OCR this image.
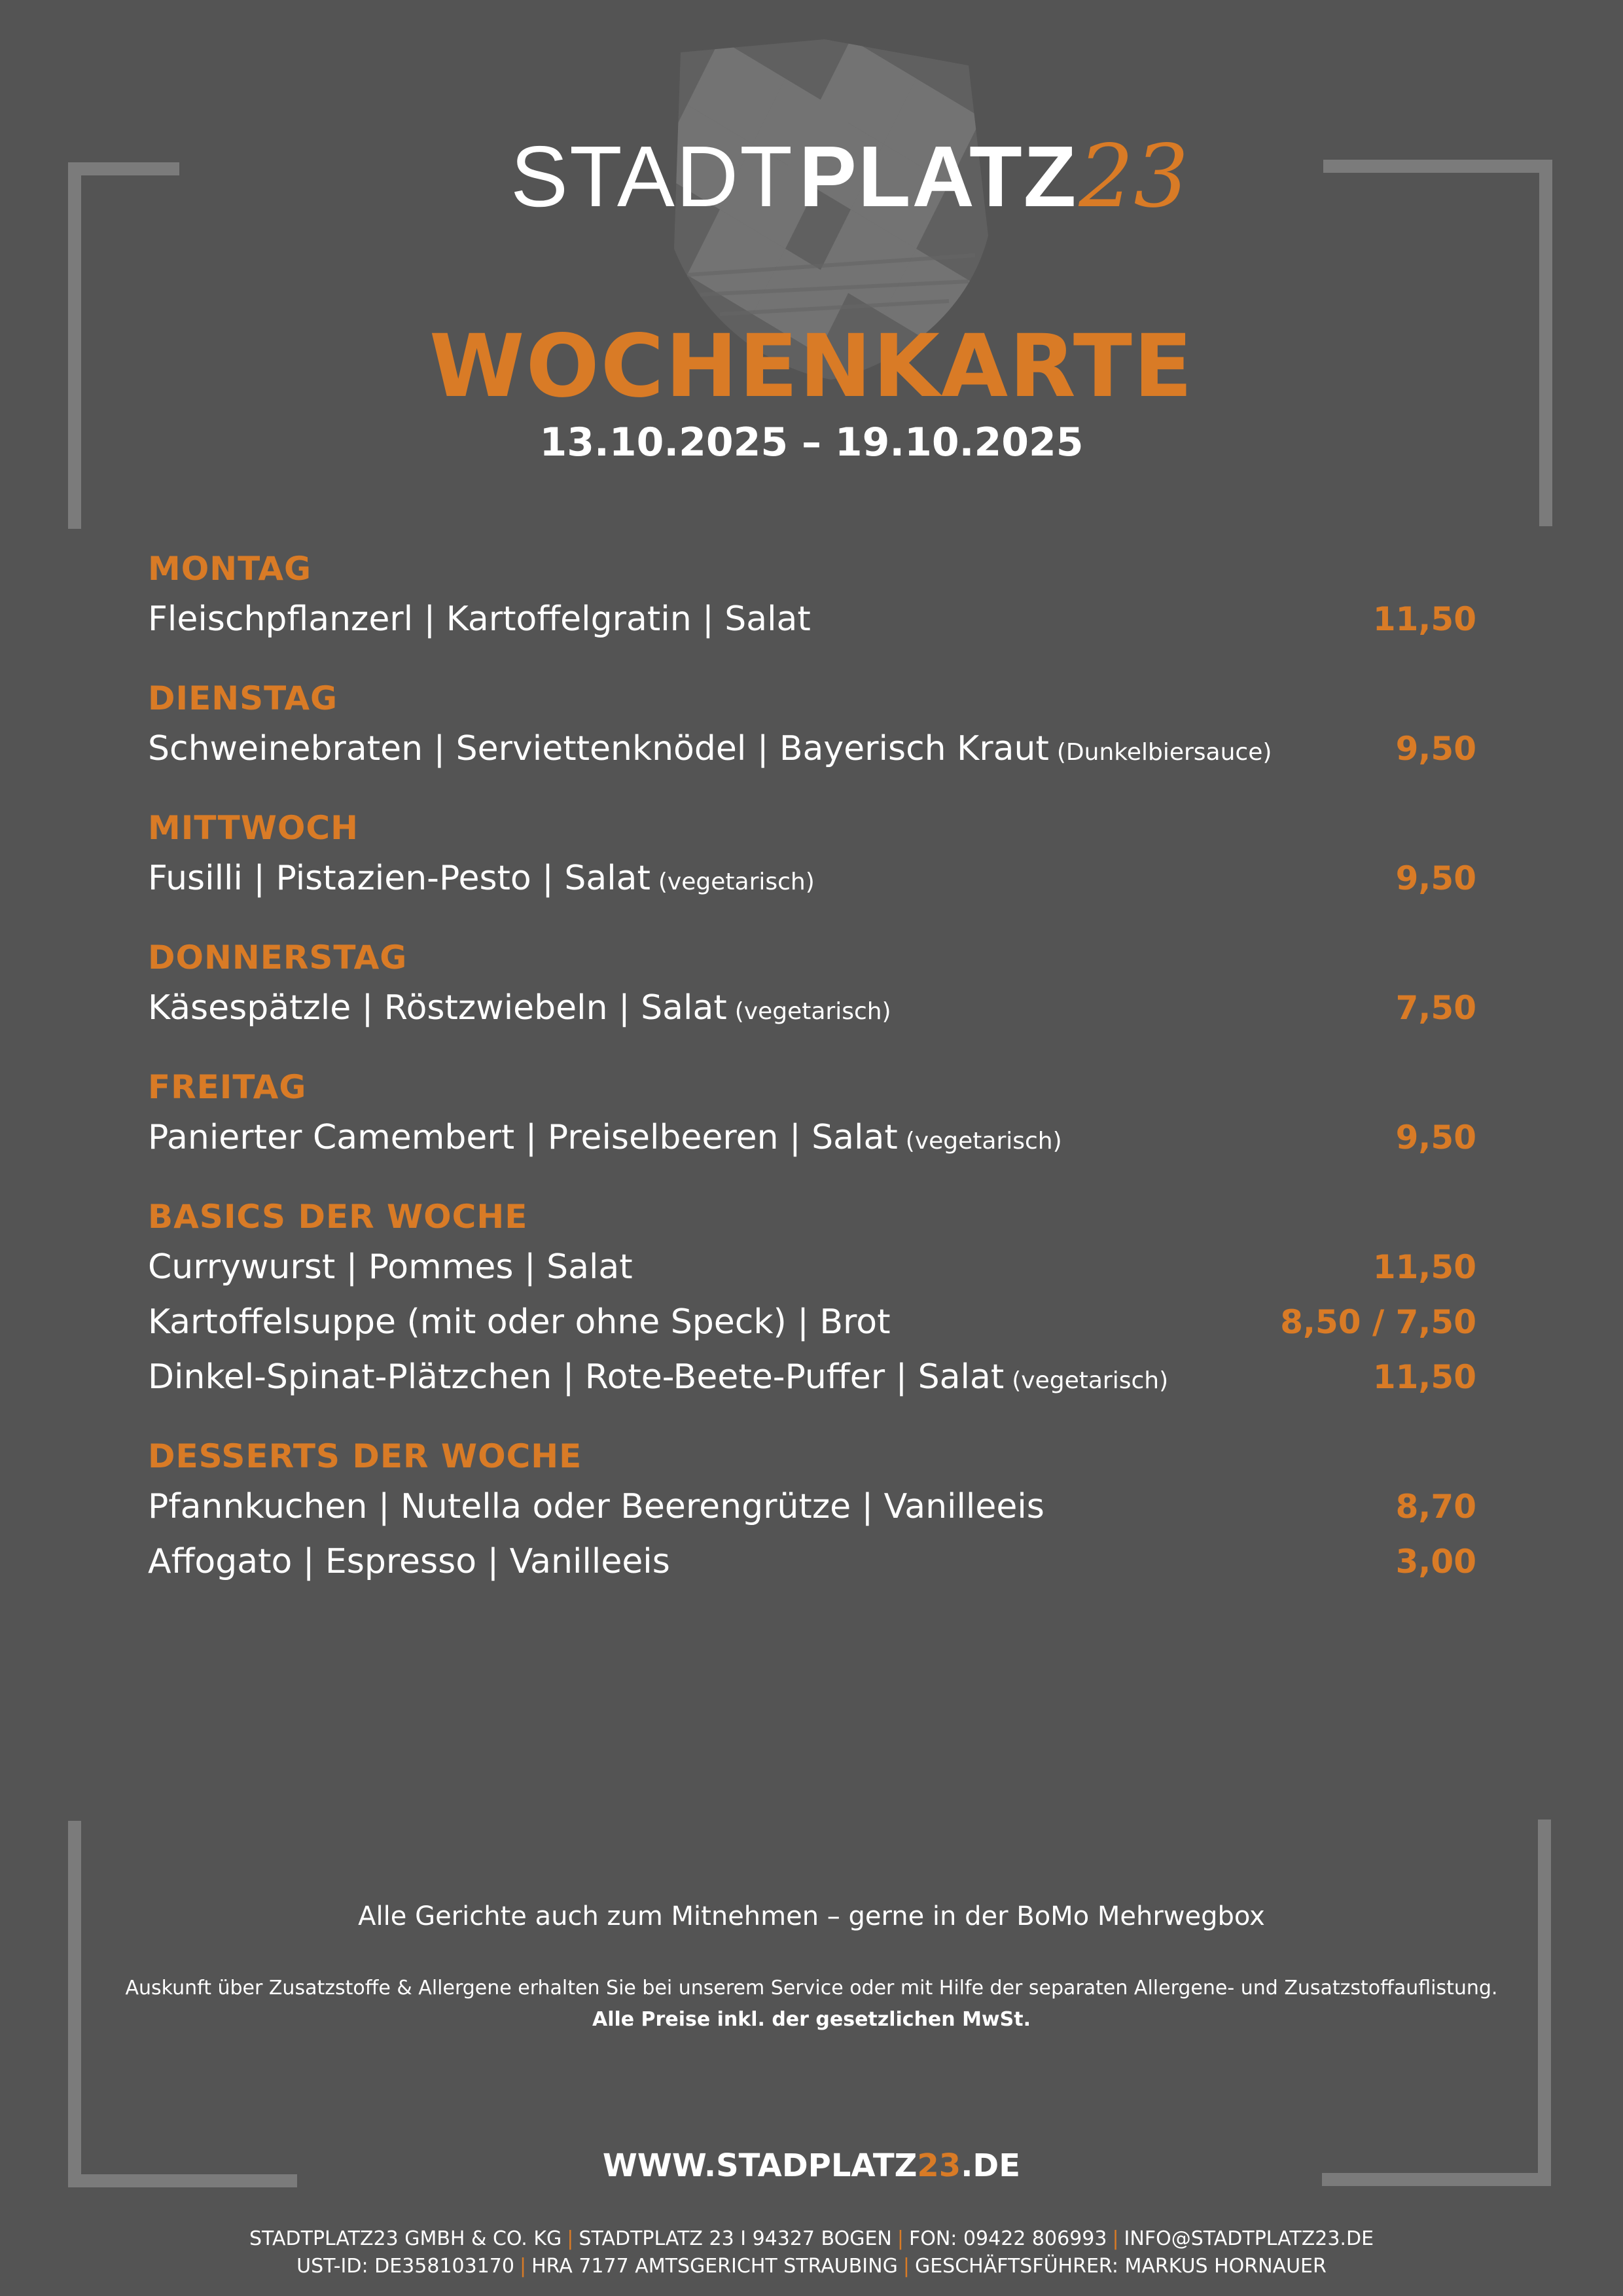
STADT PLATZ 23
WOCHENKARTE
13.10.2025 – 19.10.2025
MONTAG
Fleischpflanzerl | Kartoffelgratin | Salat	11,50
DIENSTAG
Schweinebraten | Serviettenknödel | Bayerisch Kraut (Dunkelbiersauce)	9,50
MITTWOCH
Fusilli | Pistazien-Pesto | Salat (vegetarisch)	9,50
DONNERSTAG
Käsespätzle | Röstzwiebeln | Salat (vegetarisch)	7,50
FREITAG
Panierter Camembert | Preiselbeeren | Salat (vegetarisch)	9,50
BASICS DER WOCHE
Currywurst | Pommes | Salat	11,50
Kartoffelsuppe (mit oder ohne Speck) | Brot	8,50 / 7,50
Dinkel-Spinat-Plätzchen | Rote-Beete-Puffer | Salat (vegetarisch)	11,50
DESSERTS DER WOCHE
Pfannkuchen | Nutella oder Beerengrütze | Vanilleeis	8,70
Affogato | Espresso | Vanilleeis	3,00
Alle Gerichte auch zum Mitnehmen – gerne in der BoMo Mehrwegbox
Auskunft über Zusatzstoffe & Allergene erhalten Sie bei unserem Service oder mit Hilfe der separaten Allergene- und Zusatzstoffauflistung.
Alle Preise inkl. der gesetzlichen MwSt.
WWW.STADPLATZ23.DE
STADTPLATZ23 GMBH & CO. KG | STADTPLATZ 23 I 94327 BOGEN | FON: 09422 806993 | INFO@STADTPLATZ23.DE
UST-ID: DE358103170 | HRA 7177 AMTSGERICHT STRAUBING | GESCHÄFTSFÜHRER: MARKUS HORNAUER
